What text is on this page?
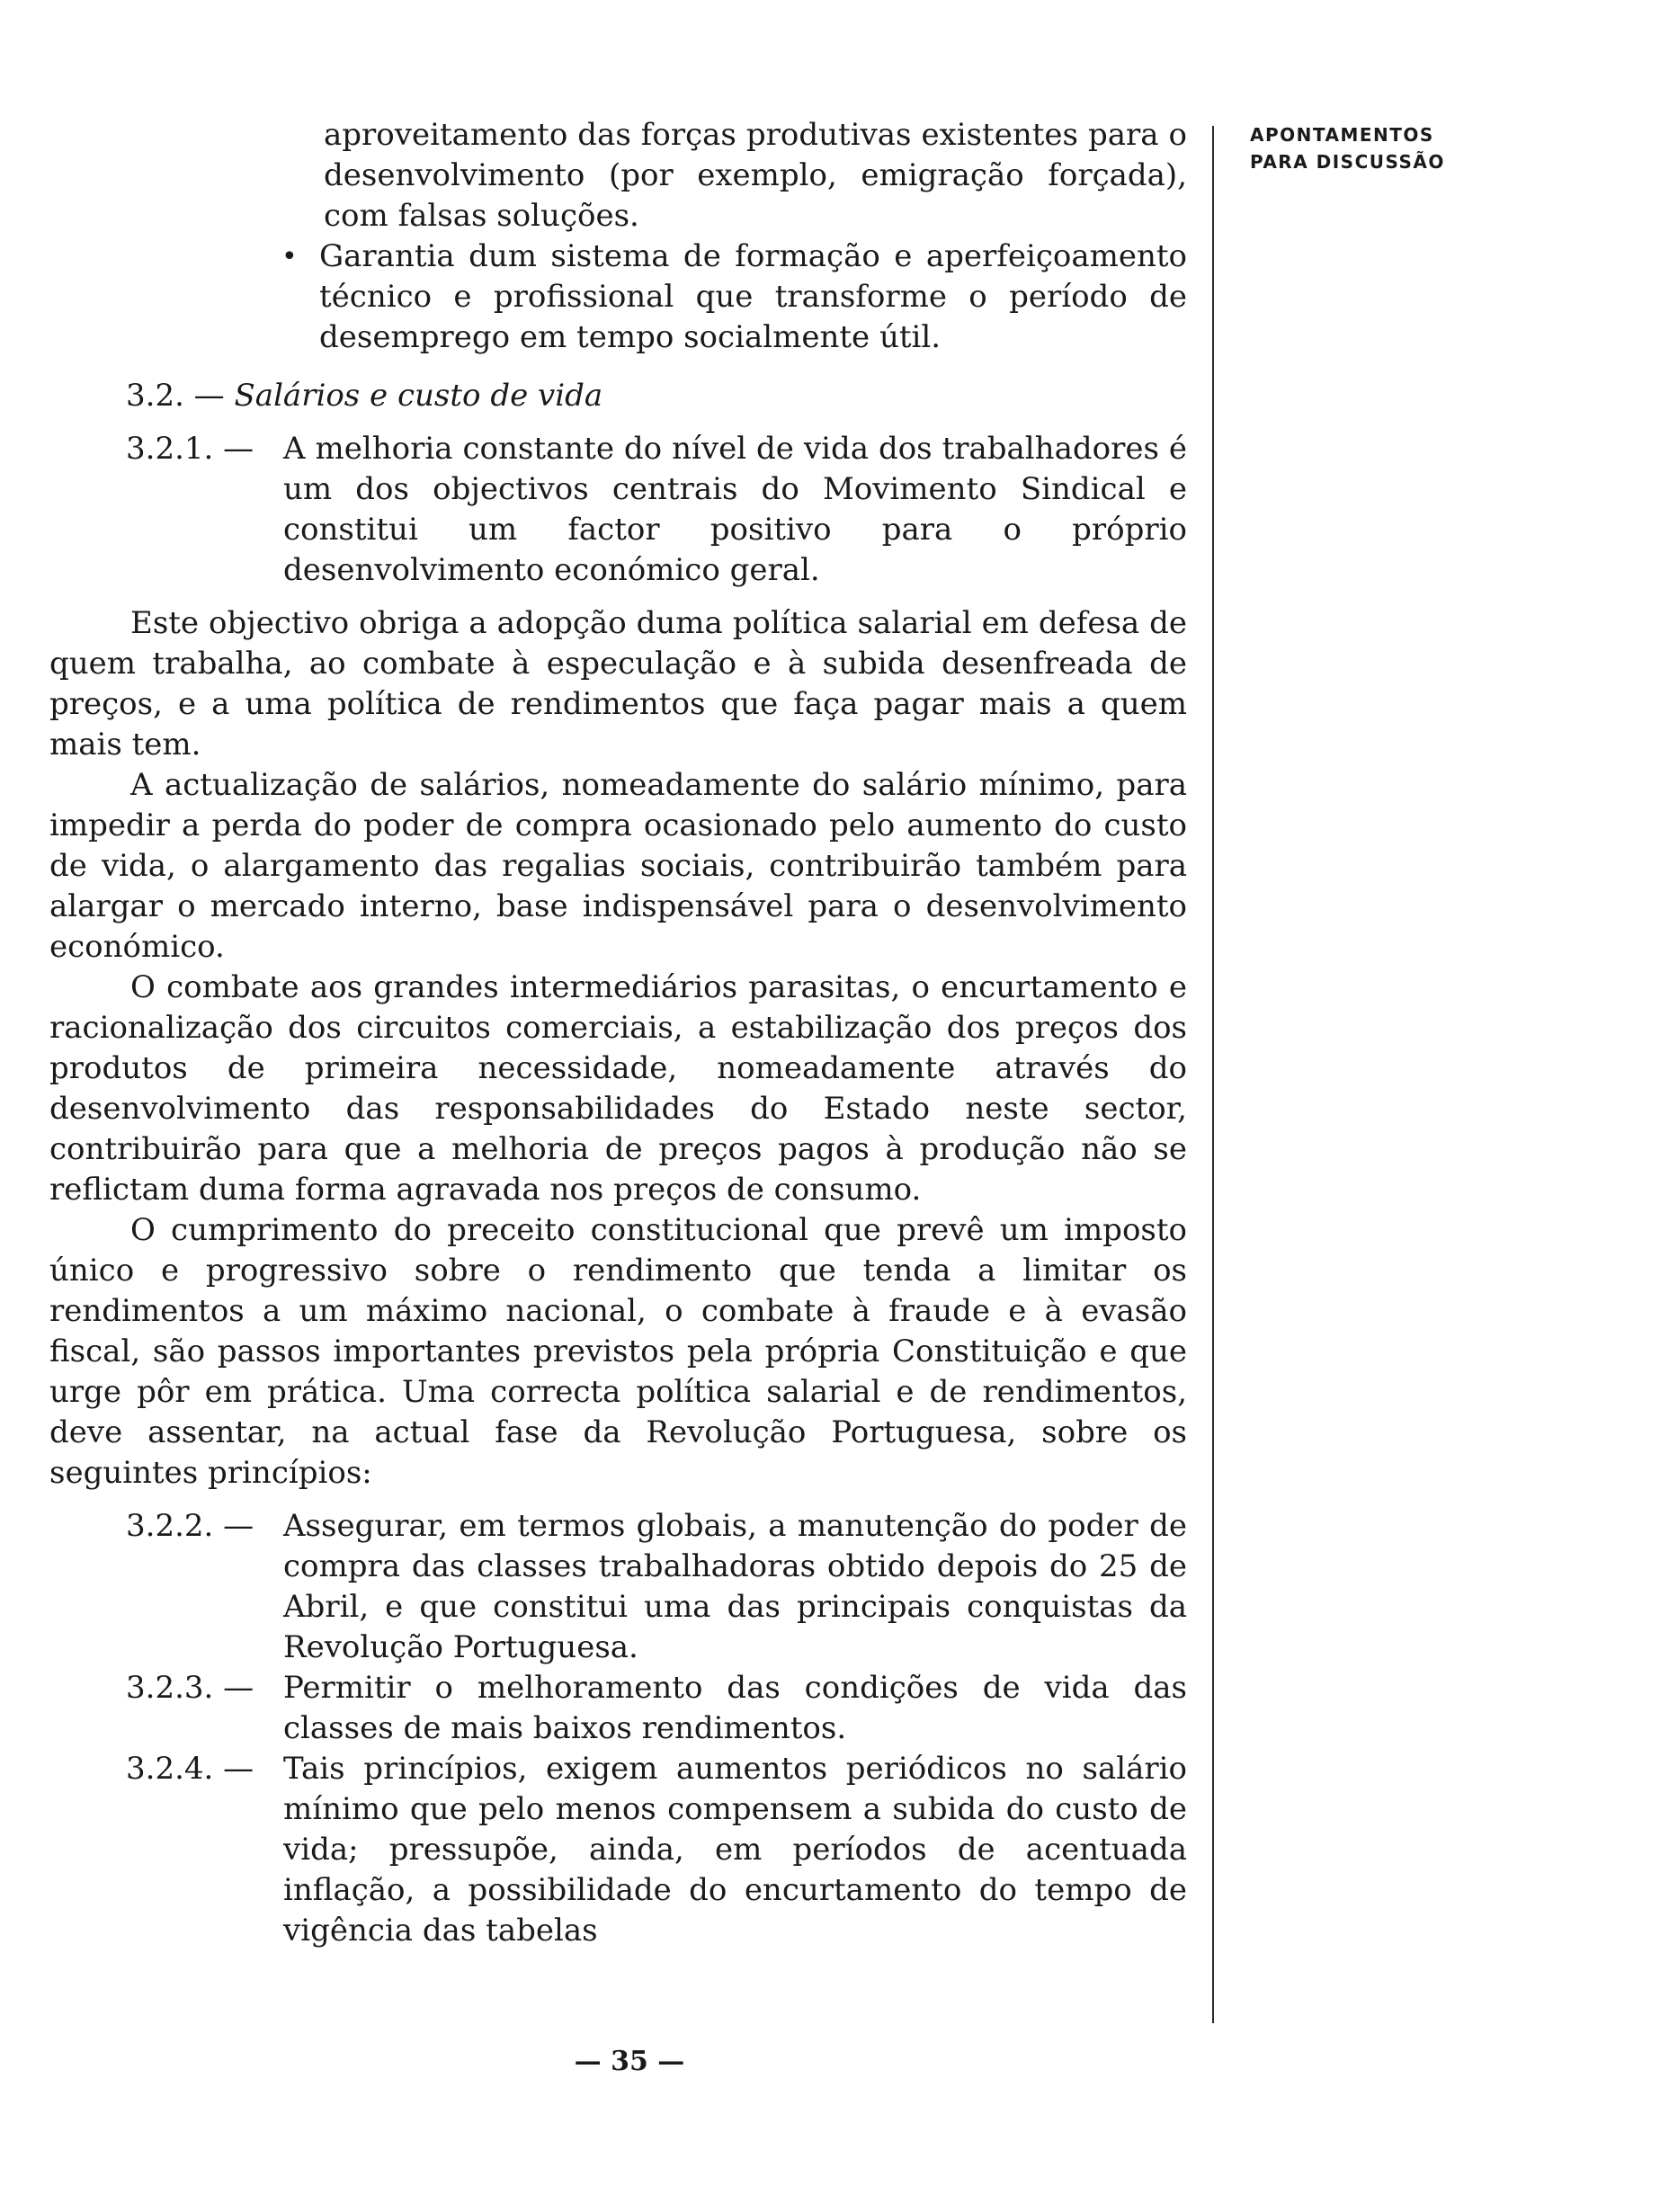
aproveitamento das forças produtivas existentes para o desenvolvimento (por exemplo, emigração forçada), com falsas soluções.

• Garantia dum sistema de formação e aperfeiçoamento técnico e profissional que transforme o período de desemprego em tempo socialmente útil.

3.2. — Salários e custo de vida
3.2.1. — A melhoria constante do nível de vida dos trabalhadores é um dos objectivos centrais do Movimento Sindical e constitui um factor positivo para o próprio desenvolvimento económico geral.

Este objectivo obriga a adopção duma política salarial em defesa de quem trabalha, ao combate à especulação e à subida desenfreada de preços, e a uma política de rendimentos que faça pagar mais a quem mais tem.

A actualização de salários, nomeadamente do salário mínimo, para impedir a perda do poder de compra ocasionado pelo aumento do custo de vida, o alargamento das regalias sociais, contribuirão também para alargar o mercado interno, base indispensável para o desenvolvimento económico.

O combate aos grandes intermediários parasitas, o encurtamento e racionalização dos circuitos comerciais, a estabilização dos preços dos produtos de primeira necessidade, nomeadamente através do desenvolvimento das responsabilidades do Estado neste sector, contribuirão para que a melhoria de preços pagos à produção não se reflictam duma forma agravada nos preços de consumo.

O cumprimento do preceito constitucional que prevê um imposto único e progressivo sobre o rendimento que tenda a limitar os rendimentos a um máximo nacional, o combate à fraude e à evasão fiscal, são passos importantes previstos pela própria Constituição e que urge pôr em prática. Uma correcta política salarial e de rendimentos, deve assentar, na actual fase da Revolução Portuguesa, sobre os seguintes princípios:

3.2.2. — Assegurar, em termos globais, a manutenção do poder de compra das classes trabalhadoras obtido depois do 25 de Abril, e que constitui uma das principais conquistas da Revolução Portuguesa.

3.2.3. — Permitir o melhoramento das condições de vida das classes de mais baixos rendimentos.

3.2.4. — Tais princípios, exigem aumentos periódicos no salário mínimo que pelo menos compensem a subida do custo de vida; pressupõe, ainda, em períodos de acentuada inflação, a possibilidade do encurtamento do tempo de vigência das tabelas

APONTAMENTOS
PARA DISCUSSÃO
— 35 —
